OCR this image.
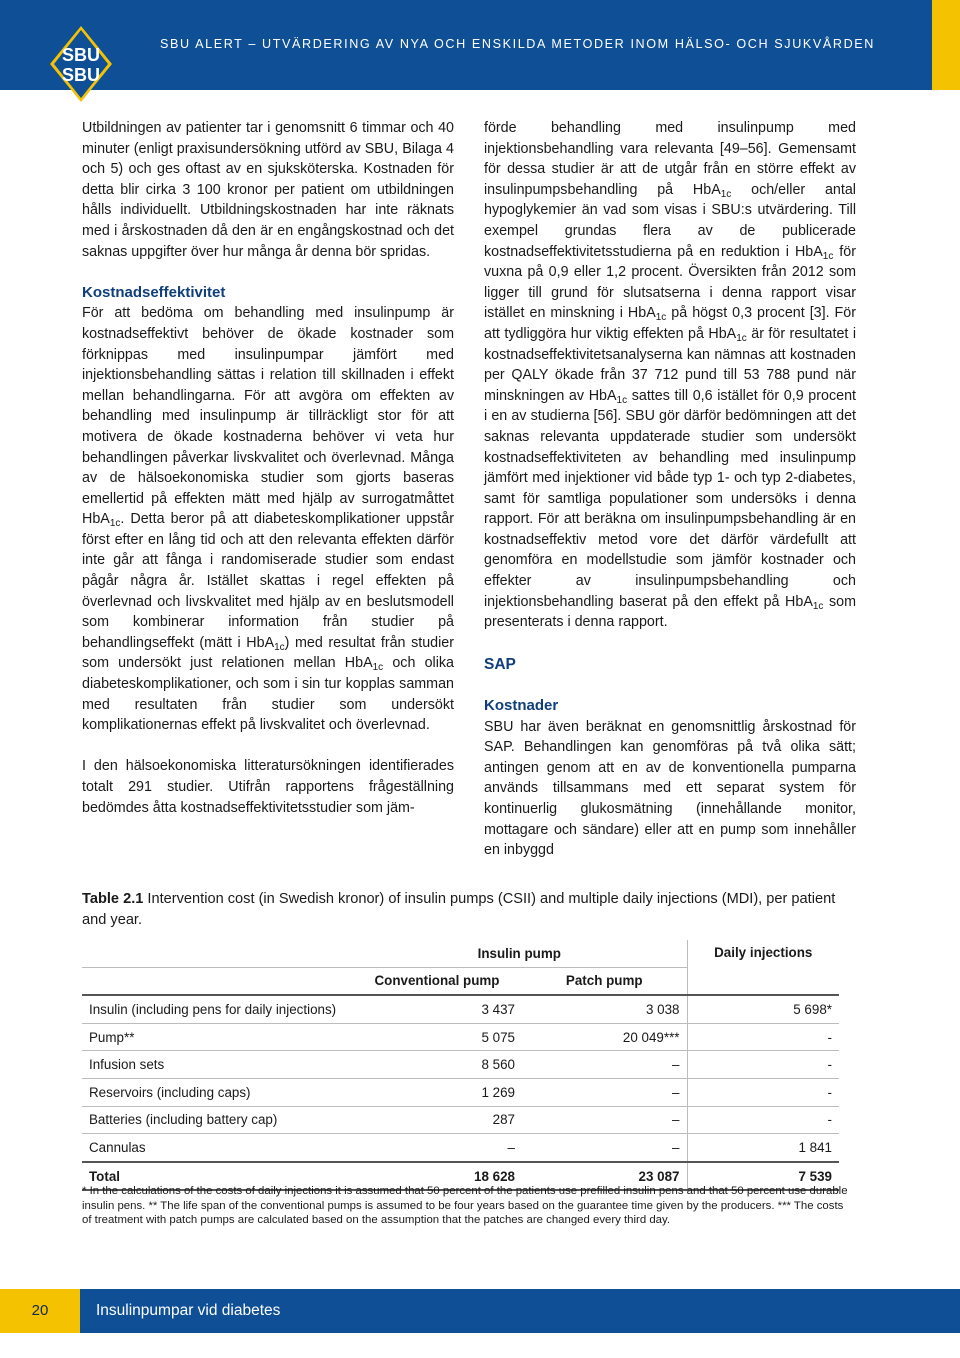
SBU
SBU
SBU ALERT – UTVÄRDERING AV NYA OCH ENSKILDA METODER INOM HÄLSO- OCH SJUKVÅRDEN

Utbildningen av patienter tar i genomsnitt 6 timmar och 40 minuter (enligt praxisundersökning utförd av SBU, Bilaga 4 och 5) och ges oftast av en sjuksköterska. Kostnaden för detta blir cirka 3 100 kronor per patient om utbildningen hålls individuellt. Utbildningskostnaden har inte räknats med i årskostnaden då den är en engångskostnad och det saknas uppgifter över hur många år denna bör spridas.

Kostnadseffektivitet

För att bedöma om behandling med insulinpump är kostnadseffektivt behöver de ökade kostnader som förknippas med insulinpumpar jämfört med injektionsbehandling sättas i relation till skillnaden i effekt mellan behandlingarna. För att avgöra om effekten av behandling med insulinpump är tillräckligt stor för att motivera de ökade kostnaderna behöver vi veta hur behandlingen påverkar livskvalitet och överlevnad. Många av de hälsoekonomiska studier som gjorts baseras emellertid på effekten mätt med hjälp av surrogatmåttet HbA$_{1c}$. Detta beror på att diabeteskomplikationer uppstår först efter en lång tid och att den relevanta effekten därför inte går att fånga i randomiserade studier som endast pågår några år. Istället skattas i regel effekten på överlevnad och livskvalitet med hjälp av en beslutsmodell som kombinerar information från studier på behandlingseffekt (mätt i HbA$_{1c}$) med resultat från studier som undersökt just relationen mellan HbA$_{1c}$ och olika diabeteskomplikationer, och som i sin tur kopplas samman med resultaten från studier som undersökt komplikationernas effekt på livskvalitet och överlevnad.

I den hälsoekonomiska litteratursökningen identifierades totalt 291 studier. Utifrån rapportens frågeställning bedömdes åtta kostnadseffektivitetsstudier som jäm-

förde behandling med insulinpump med injektionsbehandling vara relevanta [49–56]. Gemensamt för dessa studier är att de utgår från en större effekt av insulinpumpsbehandling på HbA$_{1c}$ och/eller antal hypoglykemier än vad som visas i SBU:s utvärdering. Till exempel grundas flera av de publicerade kostnadseffektivitetsstudierna på en reduktion i HbA$_{1c}$ för vuxna på 0,9 eller 1,2 procent. Översikten från 2012 som ligger till grund för slutsatserna i denna rapport visar istället en minskning i HbA$_{1c}$ på högst 0,3 procent [3]. För att tydliggöra hur viktig effekten på HbA$_{1c}$ är för resultatet i kostnadseffektivitetsanalyserna kan nämnas att kostnaden per QALY ökade från 37 712 pund till 53 788 pund när minskningen av HbA$_{1c}$ sattes till 0,6 istället för 0,9 procent i en av studierna [56]. SBU gör därför bedömningen att det saknas relevanta uppdaterade studier som undersökt kostnadseffektiviteten av behandling med insulinpump jämfört med injektioner vid både typ 1- och typ 2-diabetes, samt för samtliga populationer som undersöks i denna rapport. För att beräkna om insulinpumpsbehandling är en kostnadseffektiv metod vore det därför värdefullt att genomföra en modellstudie som jämför kostnader och effekter av insulinpumpsbehandling och injektionsbehandling baserat på den effekt på HbA$_{1c}$ som presenterats i denna rapport.

SAP
Kostnader

SBU har även beräknat en genomsnittlig årskostnad för SAP. Behandlingen kan genomföras på två olika sätt; antingen genom att en av de konventionella pumparna används tillsammans med ett separat system för kontinuerlig glukosmätning (innehållande monitor, mottagare och sändare) eller att en pump som innehåller en inbyggd

Table 2.1 Intervention cost (in Swedish kronor) of insulin pumps (CSII) and multiple daily injections (MDI), per patient and year.
	Insulin pump		Daily injections
	Conventional pump	Patch pump	
Insulin (including pens for daily injections)	3 437	3 038	5 698*
Pump**	5 075	20 049***	-
Infusion sets	8 560	–	-
Reservoirs (including caps)	1 269	–	-
Batteries (including battery cap)	287	–	-
Cannulas	–	–	1 841
Total	18 628	23 087	7 539
* In the calculations of the costs of daily injections it is assumed that 50 percent of the patients use prefilled insulin pens and that 50 percent use durable insulin pens. ** The life span of the conventional pumps is assumed to be four years based on the guarantee time given by the producers. *** The costs of treatment with patch pumps are calculated based on the assumption that the patches are changed every third day.
20	Insulinpumpar vid diabetes
